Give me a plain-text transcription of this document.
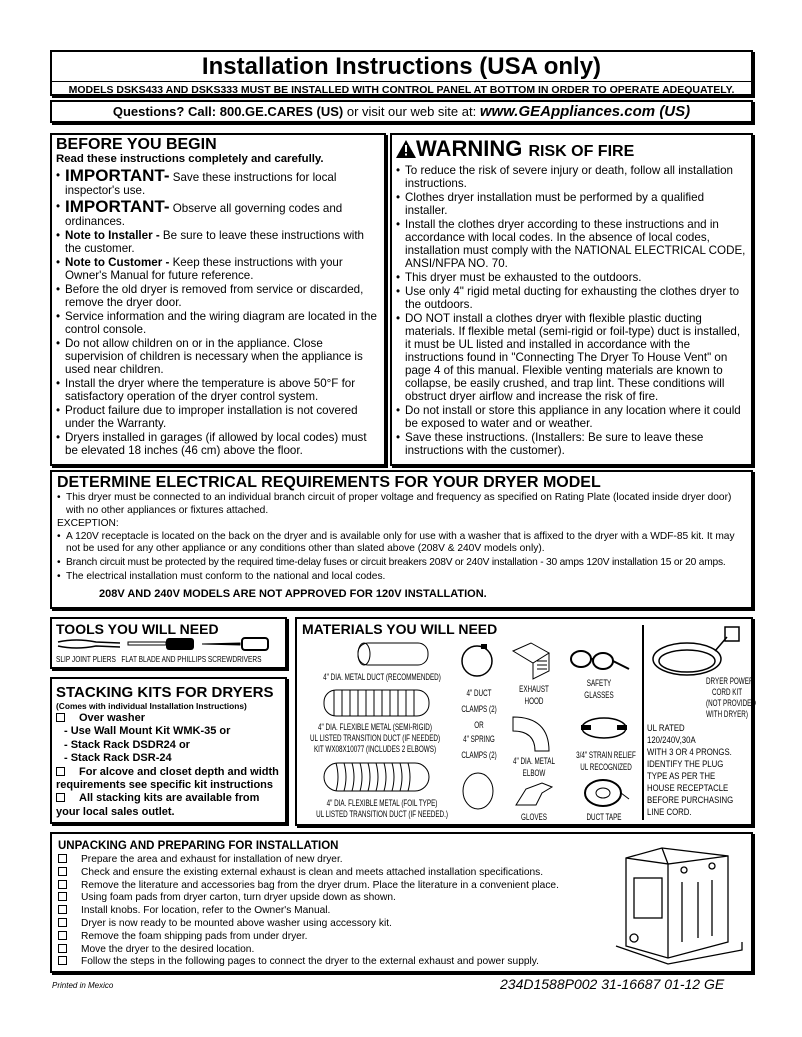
Installation Instructions (USA only)
MODELS DSKS433 AND DSKS333 MUST BE INSTALLED WITH CONTROL PANEL AT BOTTOM IN ORDER TO OPERATE ADEQUATELY.
Questions? Call: 800.GE.CARES (US) or visit our web site at: www.GEAppliances.com (US)
BEFORE YOU BEGIN
Read these instructions completely and carefully.
• IMPORTANT- Save these instructions for local inspector's use.
• IMPORTANT- Observe all governing codes and ordinances.
• Note to Installer - Be sure to leave these instructions with the customer.
• Note to Customer - Keep these instructions with your Owner's Manual for future reference.
• Before the old dryer is removed from service or discarded, remove the dryer door.
• Service information and the wiring diagram are located in the control console.
• Do not allow children on or in the appliance. Close supervision of children is necessary when the appliance is used near children.
• Install the dryer where the temperature is above 50°F for satisfactory operation of the dryer control system.
• Product failure due to improper installation is not covered under the Warranty.
• Dryers installed in garages (if allowed by local codes) must be elevated 18 inches (46 cm) above the floor.
WARNING RISK OF FIRE
• To reduce the risk of severe injury or death, follow all installation instructions.
• Clothes dryer installation must be performed by a qualified installer.
• Install the clothes dryer according to these instructions and in accordance with local codes. In the absence of local codes, installation must comply with the NATIONAL ELECTRICAL CODE, ANSI/NFPA NO. 70.
• This dryer must be exhausted to the outdoors.
• Use only 4" rigid metal ducting for exhausting the clothes dryer to the outdoors.
• DO NOT install a clothes dryer with flexible plastic ducting materials. If flexible metal (semi-rigid or foil-type) duct is installed, it must be UL listed and installed in accordance with the instructions found in "Connecting The Dryer To House Vent" on page 4 of this manual. Flexible venting materials are known to collapse, be easily crushed, and trap lint. These conditions will obstruct dryer airflow and increase the risk of fire.
• Do not install or store this appliance in any location where it could be exposed to water and or weather.
• Save these instructions. (Installers: Be sure to leave these instructions with the customer).
DETERMINE ELECTRICAL REQUIREMENTS FOR YOUR DRYER MODEL
• This dryer must be connected to an individual branch circuit of proper voltage and frequency as specified on Rating Plate (located inside dryer door) with no other appliances or fixtures attached.
EXCEPTION:
• A 120V receptacle is located on the back on the dryer and is available only for use with a washer that is affixed to the dryer with a WDF-85 kit. It may not be used for any other appliance or any conditions other than slated above (208V & 240V models only).
• Branch circuit must be protected by the required time-delay fuses or circuit breakers 208V or 240V installation - 30 amps 120V installation 15 or 20 amps.
• The electrical installation must conform to the national and local codes.
208V AND 240V MODELS ARE NOT APPROVED FOR 120V INSTALLATION.
TOOLS YOU WILL NEED
SLIP JOINT PLIERS FLAT BLADE AND PHILLIPS SCREWDRIVERS
STACKING KITS FOR DRYERS
(Comes with individual Installation Instructions)
Over washer
- Use Wall Mount Kit WMK-35 or
- Stack Rack DSDR24 or
- Stack Rack DSR-24
For alcove and closet depth and width requirements see specific kit instructions
All stacking kits are available from your local sales outlet.
MATERIALS YOU WILL NEED
4" DIA. METAL DUCT (RECOMMENDED)
4" DIA. FLEXIBLE METAL (SEMI-RIGID)
UL LISTED TRANSITION DUCT (IF NEEDED)
KIT WX08X10077 (INCLUDES 2 ELBOWS)
4" DIA. FLEXIBLE METAL (FOIL TYPE)
UL LISTED TRANSITION DUCT (IF NEEDED.)
4" DUCT
CLAMPS (2)
OR
4" SPRING
CLAMPS (2)
EXHAUST
HOOD
4" DIA. METAL
ELBOW
GLOVES
SAFETY
GLASSES
3/4" STRAIN RELIEF
UL RECOGNIZED
DUCT TAPE
DRYER POWER
CORD KIT
(NOT PROVIDED
WITH DRYER)
UL RATED
120/240V,30A
WITH 3 OR 4 PRONGS.
IDENTIFY THE PLUG
TYPE AS PER THE
HOUSE RECEPTACLE
BEFORE PURCHASING
LINE CORD.
UNPACKING AND PREPARING FOR INSTALLATION
Prepare the area and exhaust for installation of new dryer.
Check and ensure the existing external exhaust is clean and meets attached installation specifications.
Remove the literature and accessories bag from the dryer drum. Place the literature in a convenient place.
Using foam pads from dryer carton, turn dryer upside down as shown.
Install knobs. For location, refer to the Owner's Manual.
Dryer is now ready to be mounted above washer using accessory kit.
Remove the foam shipping pads from under dryer.
Move the dryer to the desired location.
Follow the steps in the following pages to connect the dryer to the external exhaust and power supply.
Printed in Mexico	234D1588P002 31-16687 01-12 GE
